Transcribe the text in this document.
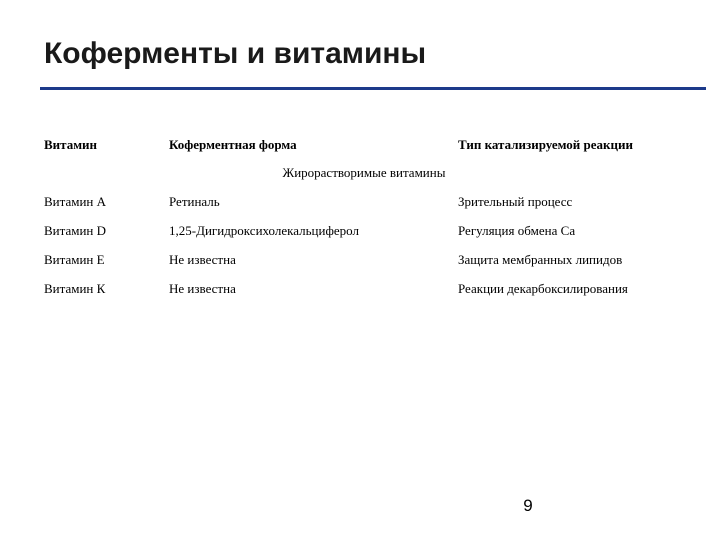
Коферменты и витамины
Витамин	Коферментная форма	Тип катализируемой реакции
Жирорастворимые витамины
Витамин А	Ретиналь	Зрительный процесс
Витамин D	1,25-Дигидроксихолекальциферол	Регуляция обмена Са
Витамин Е	Не известна	Защита мембранных липидов
Витамин К	Не известна	Реакции декарбоксилирования
9
